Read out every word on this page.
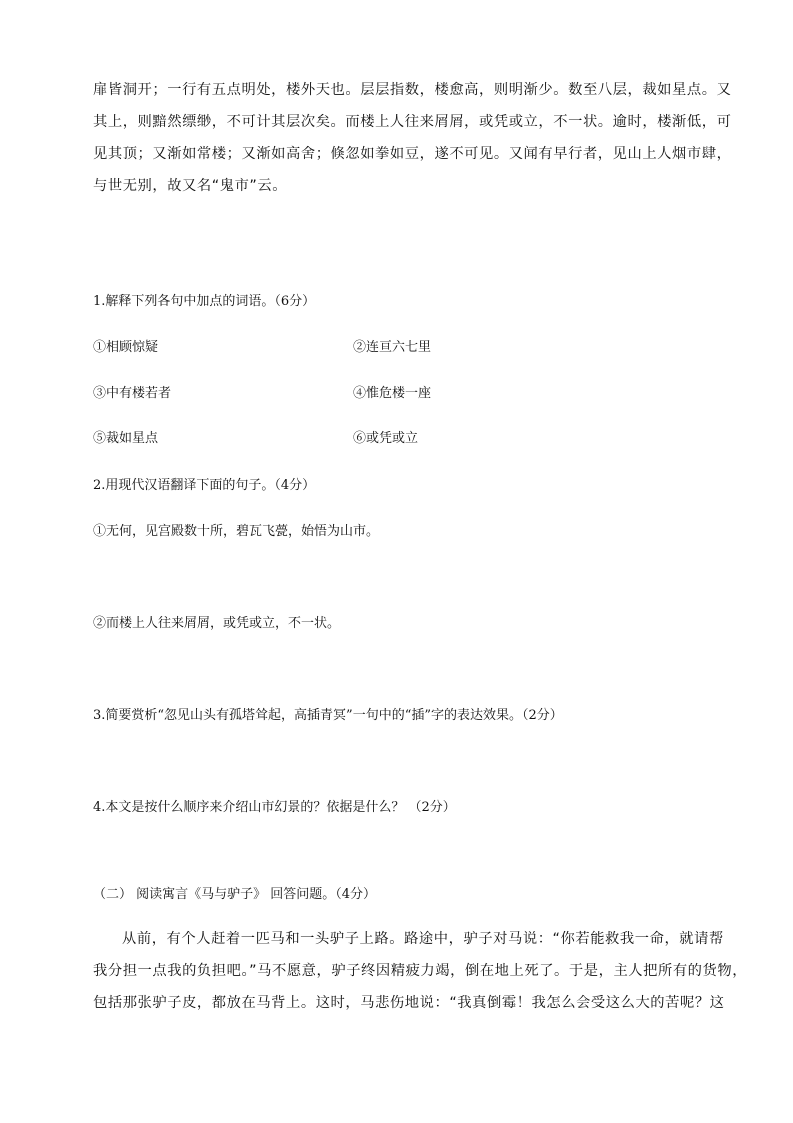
扉皆洞开；一行有五点明处，楼外天也。层层指数，楼愈高，则明渐少。数至八层，裁如星点。又
其上，则黯然缥缈，不可计其层次矣。而楼上人往来屑屑，或凭或立，不一状。逾时，楼渐低，可
见其顶；又渐如常楼；又渐如高舍；倏忽如拳如豆，遂不可见。又闻有早行者，见山上人烟市肆，
与世无别，故又名“鬼市”云。
1.解释下列各句中加点的词语。（6分）
①相顾惊疑	②连亘六七里
③中有楼若者	④惟危楼一座
⑤裁如星点	⑥或凭或立
2.用现代汉语翻译下面的句子。（4分）
①无何，见宫殿数十所，碧瓦飞甍，始悟为山市。
②而楼上人往来屑屑，或凭或立，不一状。
3.简要赏析“忽见山头有孤塔耸起，高插青冥”一句中的“插”字的表达效果。（2分）
4.本文是按什么顺序来介绍山市幻景的？依据是什么？ （2分）
（二） 阅读寓言《马与驴子》 回答问题。（4分）
从前，有个人赶着一匹马和一头驴子上路。路途中，驴子对马说：“你若能救我一命，就请帮
我分担一点我的负担吧。”马不愿意，驴子终因精疲力竭，倒在地上死了。于是，主人把所有的货物，
包括那张驴子皮，都放在马背上。这时，马悲伤地说：“我真倒霉！我怎么会受这么大的苦呢？这
